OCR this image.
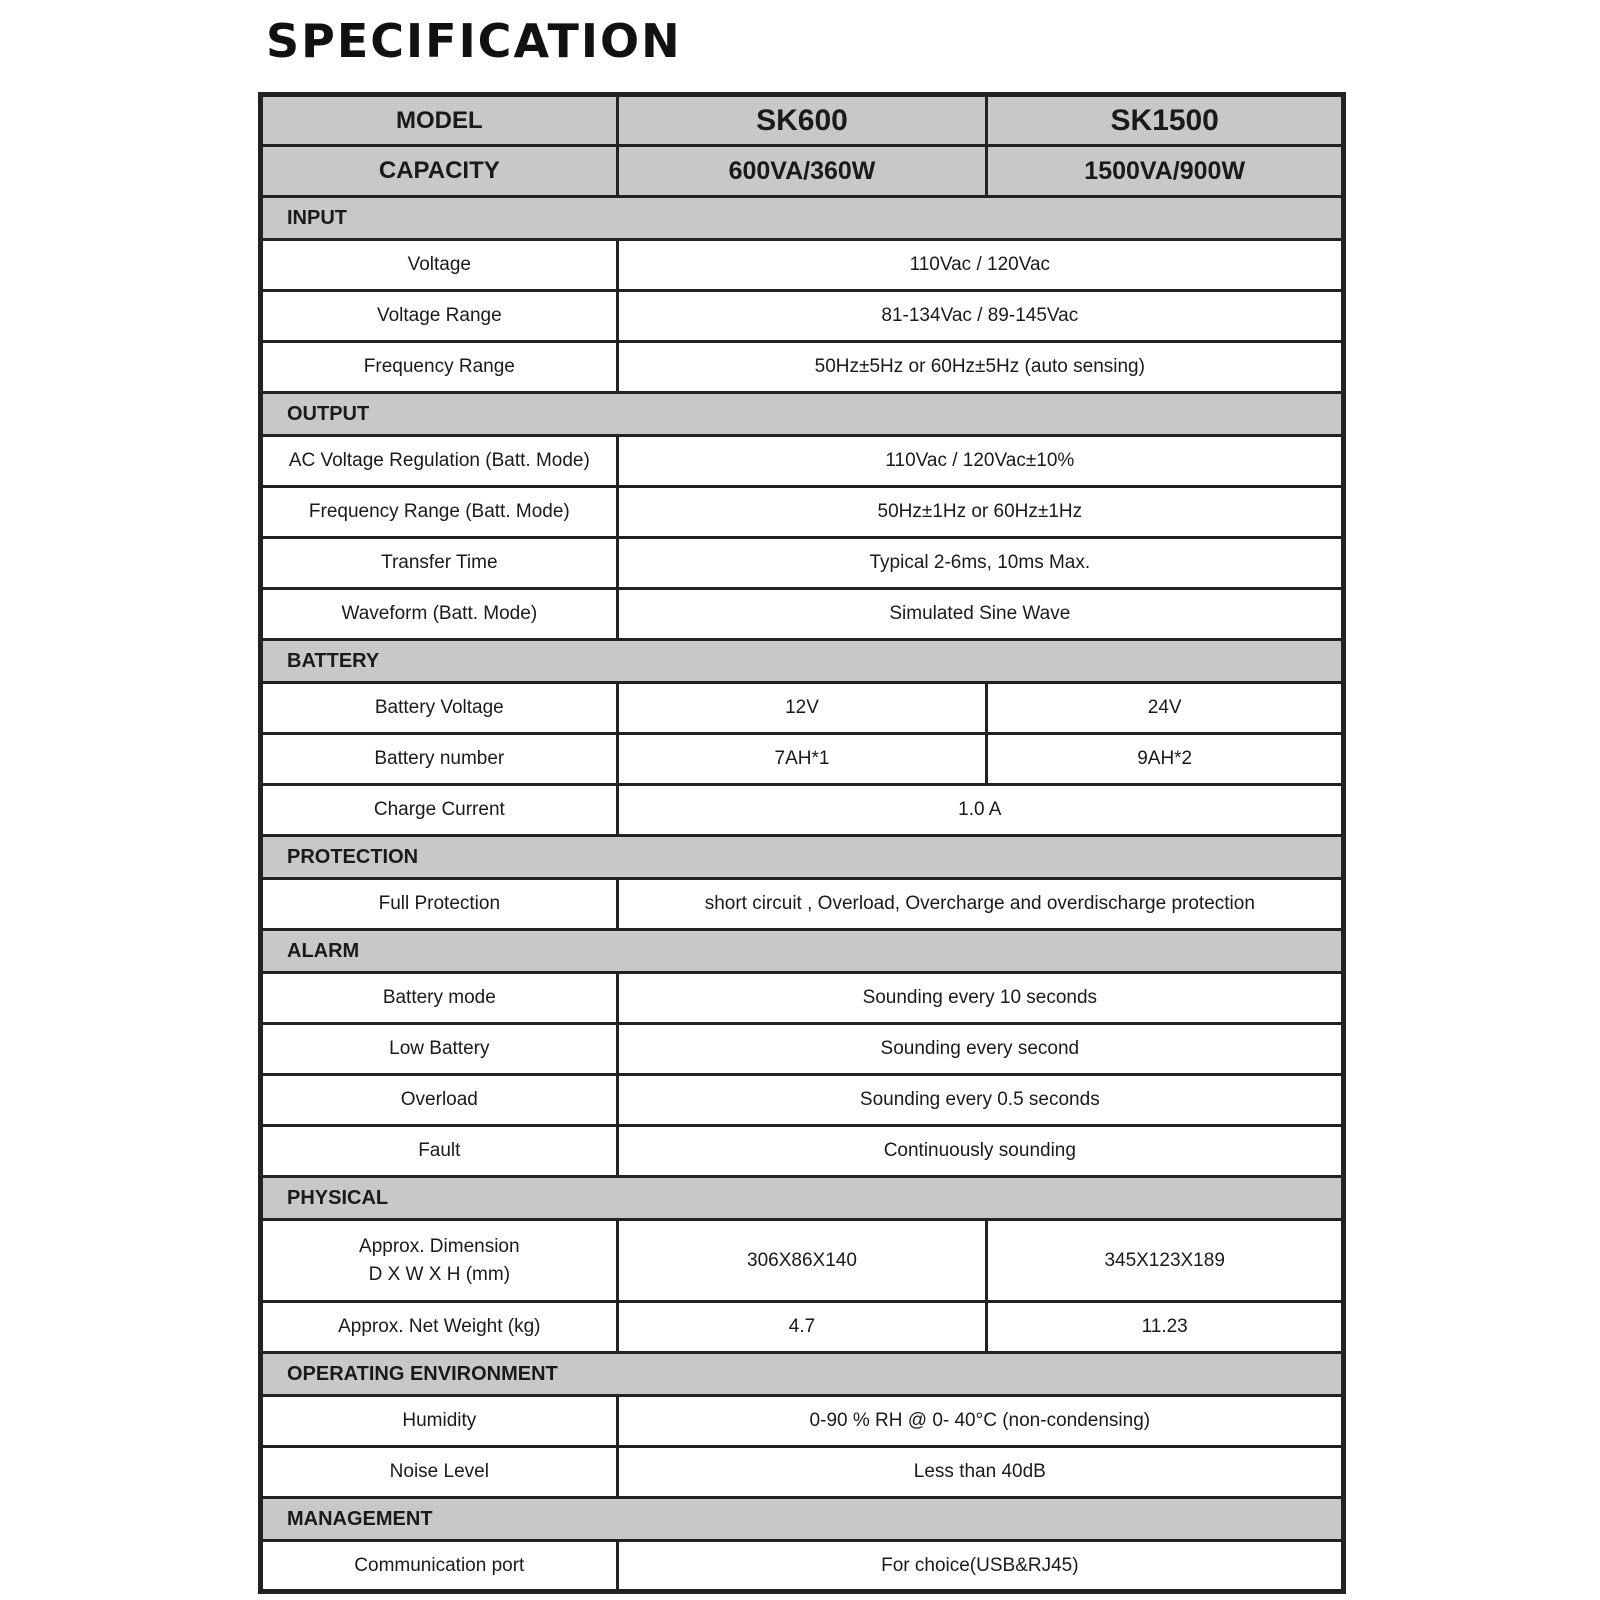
SPECIFICATION
MODEL	SK600	SK1500
CAPACITY	600VA/360W	1500VA/900W
INPUT		
Voltage	110Vac / 120Vac	
Voltage Range	81-134Vac / 89-145Vac	
Frequency Range	50Hz±5Hz or 60Hz±5Hz (auto sensing)	
OUTPUT		
AC Voltage Regulation (Batt. Mode)	110Vac / 120Vac±10%	
Frequency Range (Batt. Mode)	50Hz±1Hz or 60Hz±1Hz	
Transfer Time	Typical 2-6ms, 10ms Max.	
Waveform (Batt. Mode)	Simulated Sine Wave	
BATTERY		
Battery Voltage	12V	24V
Battery number	7AH*1	9AH*2
Charge Current	1.0 A	
PROTECTION		
Full Protection	short circuit , Overload, Overcharge and overdischarge protection	
ALARM		
Battery mode	Sounding every 10 seconds	
Low Battery	Sounding every second	
Overload	Sounding every 0.5 seconds	
Fault	Continuously sounding	
PHYSICAL		
Approx. Dimension
D X W X H (mm)	306X86X140	345X123X189
Approx. Net Weight (kg)	4.7	11.23
OPERATING ENVIRONMENT		
Humidity	0-90 % RH @ 0- 40°C (non-condensing)	
Noise Level	Less than 40dB	
MANAGEMENT		
Communication port	For choice(USB&RJ45)	
